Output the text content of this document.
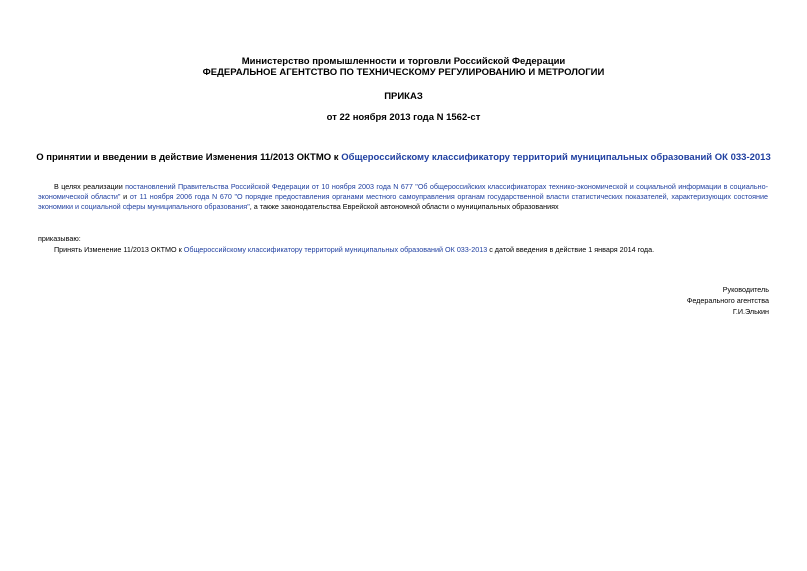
Министерство промышленности и торговли Российской Федерации
ФЕДЕРАЛЬНОЕ АГЕНТСТВО ПО ТЕХНИЧЕСКОМУ РЕГУЛИРОВАНИЮ И МЕТРОЛОГИИ
ПРИКАЗ
от 22 ноября 2013 года N 1562-ст
О принятии и введении в действие Изменения 11/2013 ОКТМО к Общероссийскому классификатору территорий муниципальных образований ОК 033-2013
В целях реализации постановлений Правительства Российской Федерации от 10 ноября 2003 года N 677 "Об общероссийских классификаторах технико-экономической и социальной информации в социально-экономической области" и от 11 ноября 2006 года N 670 "О порядке предоставления органами местного самоуправления органам государственной власти статистических показателей, характеризующих состояние экономики и социальной сферы муниципального образования", а также законодательства Еврейской автономной области о муниципальных образованиях
приказываю:
Принять Изменение 11/2013 ОКТМО к Общероссийскому классификатору территорий муниципальных образований ОК 033-2013 с датой введения в действие 1 января 2014 года.
Руководитель
Федерального агентства
Г.И.Элькин
